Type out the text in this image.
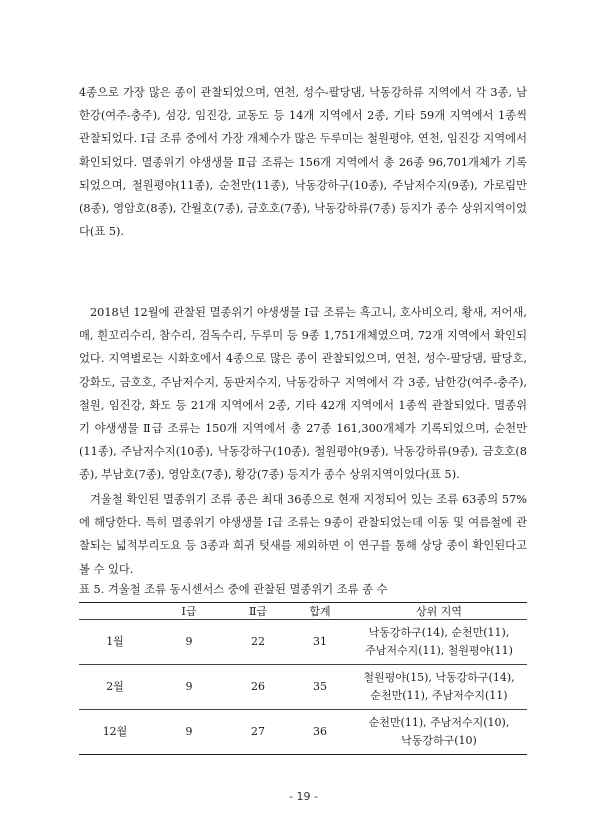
4종으로 가장 많은 종이 관찰되었으며, 연천, 성수-팔당댐, 낙동강하류 지역에서 각 3종, 남한강(여주-충주), 섬강, 임진강, 교동도 등 14개 지역에서 2종, 기타 59개 지역에서 1종씩 관찰되었다. Ⅰ급 조류 중에서 가장 개체수가 많은 두루미는 철원평야, 연천, 임진강 지역에서 확인되었다. 멸종위기 야생생물 Ⅱ급 조류는 156개 지역에서 총 26종 96,701개체가 기록되었으며, 철원평야(11종), 순천만(11종), 낙동강하구(10종), 주남저수지(9종), 가로림만(8종), 영암호(8종), 간월호(7종), 금호호(7종), 낙동강하류(7종) 등지가 종수 상위지역이었다(표 5).

2018년 12월에 관찰된 멸종위기 야생생물 Ⅰ급 조류는 흑고니, 호사비오리, 황새, 저어새, 매, 흰꼬리수리, 참수리, 검독수리, 두루미 등 9종 1,751개체였으며, 72개 지역에서 확인되었다. 지역별로는 시화호에서 4종으로 많은 종이 관찰되었으며, 연천, 성수-팔당댐, 팔당호, 강화도, 금호호, 주남저수지, 동판저수지, 낙동강하구 지역에서 각 3종, 남한강(여주-충주), 철원, 임진강, 화도 등 21개 지역에서 2종, 기타 42개 지역에서 1종씩 관찰되었다. 멸종위기 야생생물 Ⅱ급 조류는 150개 지역에서 총 27종 161,300개체가 기록되었으며, 순천만(11종), 주남저수지(10종), 낙동강하구(10종), 철원평야(9종), 낙동강하류(9종), 금호호(8종), 부남호(7종), 영암호(7종), 황강(7종) 등지가 종수 상위지역이었다(표 5).

겨울철 확인된 멸종위기 조류 종은 최대 36종으로 현재 지정되어 있는 조류 63종의 57%에 해당한다. 특히 멸종위기 야생생물 Ⅰ급 조류는 9종이 관찰되었는데 이동 및 여름철에 관찰되는 넓적부리도요 등 3종과 희귀 텃새를 제외하면 이 연구를 통해 상당 종이 확인된다고 볼 수 있다.

표 5. 겨울철 조류 동시센서스 중에 관찰된 멸종위기 조류 종 수

	Ⅰ급	Ⅱ급	합계	상위 지역
1월	9	22	31	낙동강하구(14), 순천만(11),
주남저수지(11), 철원평야(11)

2월	9	26	35	철원평야(15), 낙동강하구(14),
순천만(11), 주남저수지(11)

12월	9	27	36	순천만(11), 주남저수지(10),
낙동강하구(10)
- 19 -
